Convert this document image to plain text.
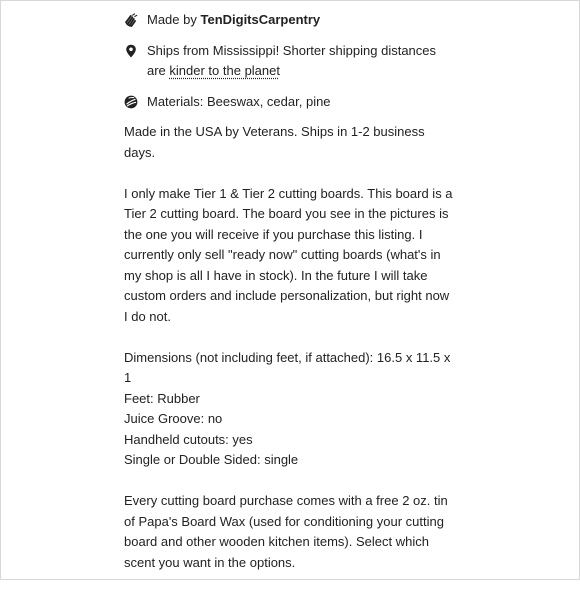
Made by TenDigitsCarpentry
Ships from Mississippi! Shorter shipping distances are kinder to the planet
Materials: Beeswax, cedar, pine

Made in the USA by Veterans. Ships in 1-2 business days.

I only make Tier 1 & Tier 2 cutting boards. This board is a Tier 2 cutting board. The board you see in the pictures is the one you will receive if you purchase this listing. I currently only sell "ready now" cutting boards (what's in my shop is all I have in stock). In the future I will take custom orders and include personalization, but right now I do not.

Dimensions (not including feet, if attached): 16.5 x 11.5 x 1
Feet: Rubber
Juice Groove: no
Handheld cutouts: yes
Single or Double Sided: single

Every cutting board purchase comes with a free 2 oz. tin of Papa's Board Wax (used for conditioning your cutting board and other wooden kitchen items). Select which scent you want in the options.
